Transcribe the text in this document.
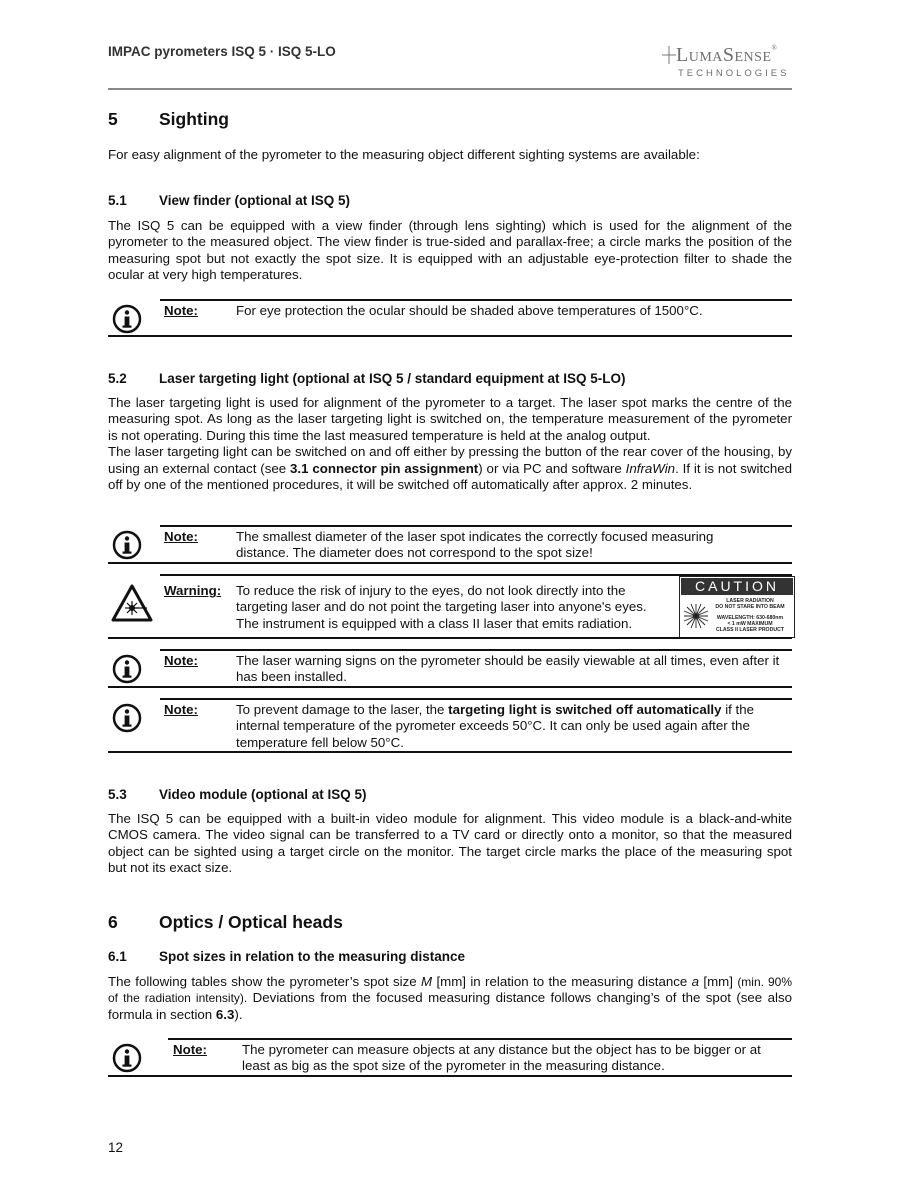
IMPAC pyrometers ISQ 5 · ISQ 5-LO	LumaSense®
TECHNOLOGIES
5 Sighting
For easy alignment of the pyrometer to the measuring object different sighting systems are available:
5.1 View finder (optional at ISQ 5)
The ISQ 5 can be equipped with a view finder (through lens sighting) which is used for the alignment of the pyrometer to the measured object. The view finder is true-sided and parallax-free; a circle marks the position of the measuring spot but not exactly the spot size. It is equipped with an adjustable eye-protection filter to shade the ocular at very high temperatures.
Note:	For eye protection the ocular should be shaded above temperatures of 1500°C.
5.2 Laser targeting light (optional at ISQ 5 / standard equipment at ISQ 5-LO)

The laser targeting light is used for alignment of the pyrometer to a target. The laser spot marks the centre of the measuring spot. As long as the laser targeting light is switched on, the temperature measurement of the pyrometer is not operating. During this time the last measured temperature is held at the analog output.

The laser targeting light can be switched on and off either by pressing the button of the rear cover of the housing, by using an external contact (see 3.1 connector pin assignment) or via PC and software InfraWin. If it is not switched off by one of the mentioned procedures, it will be switched off automatically after approx. 2 minutes.

Note:	The smallest diameter of the laser spot indicates the correctly focused measuring distance. The diameter does not correspond to the spot size!
Warning: To reduce the risk of injury to the eyes, do not look directly into the targeting laser and do not point the targeting laser into anyone's eyes. The instrument is equipped with a class II laser that emits radiation.
CAUTION
LASER RADIATION
DO NOT STARE INTO BEAM
WAVELENGTH: 630-680nm
< 1 mW MAXIMUM
CLASS II LASER PRODUCT
Note:	The laser warning signs on the pyrometer should be easily viewable at all times, even after it has been installed.
Note:	To prevent damage to the laser, the targeting light is switched off automatically if the internal temperature of the pyrometer exceeds 50°C. It can only be used again after the temperature fell below 50°C.
5.3 Video module (optional at ISQ 5)
The ISQ 5 can be equipped with a built-in video module for alignment. This video module is a black-and-white CMOS camera. The video signal can be transferred to a TV card or directly onto a monitor, so that the measured object can be sighted using a target circle on the monitor. The target circle marks the place of the measuring spot but not its exact size.
6 Optics / Optical heads
6.1 Spot sizes in relation to the measuring distance
The following tables show the pyrometer’s spot size M [mm] in relation to the measuring distance a [mm] (min. 90% of the radiation intensity). Deviations from the focused measuring distance follows changing’s of the spot (see also formula in section 6.3).
Note:	The pyrometer can measure objects at any distance but the object has to be bigger or at least as big as the spot size of the pyrometer in the measuring distance.
12
